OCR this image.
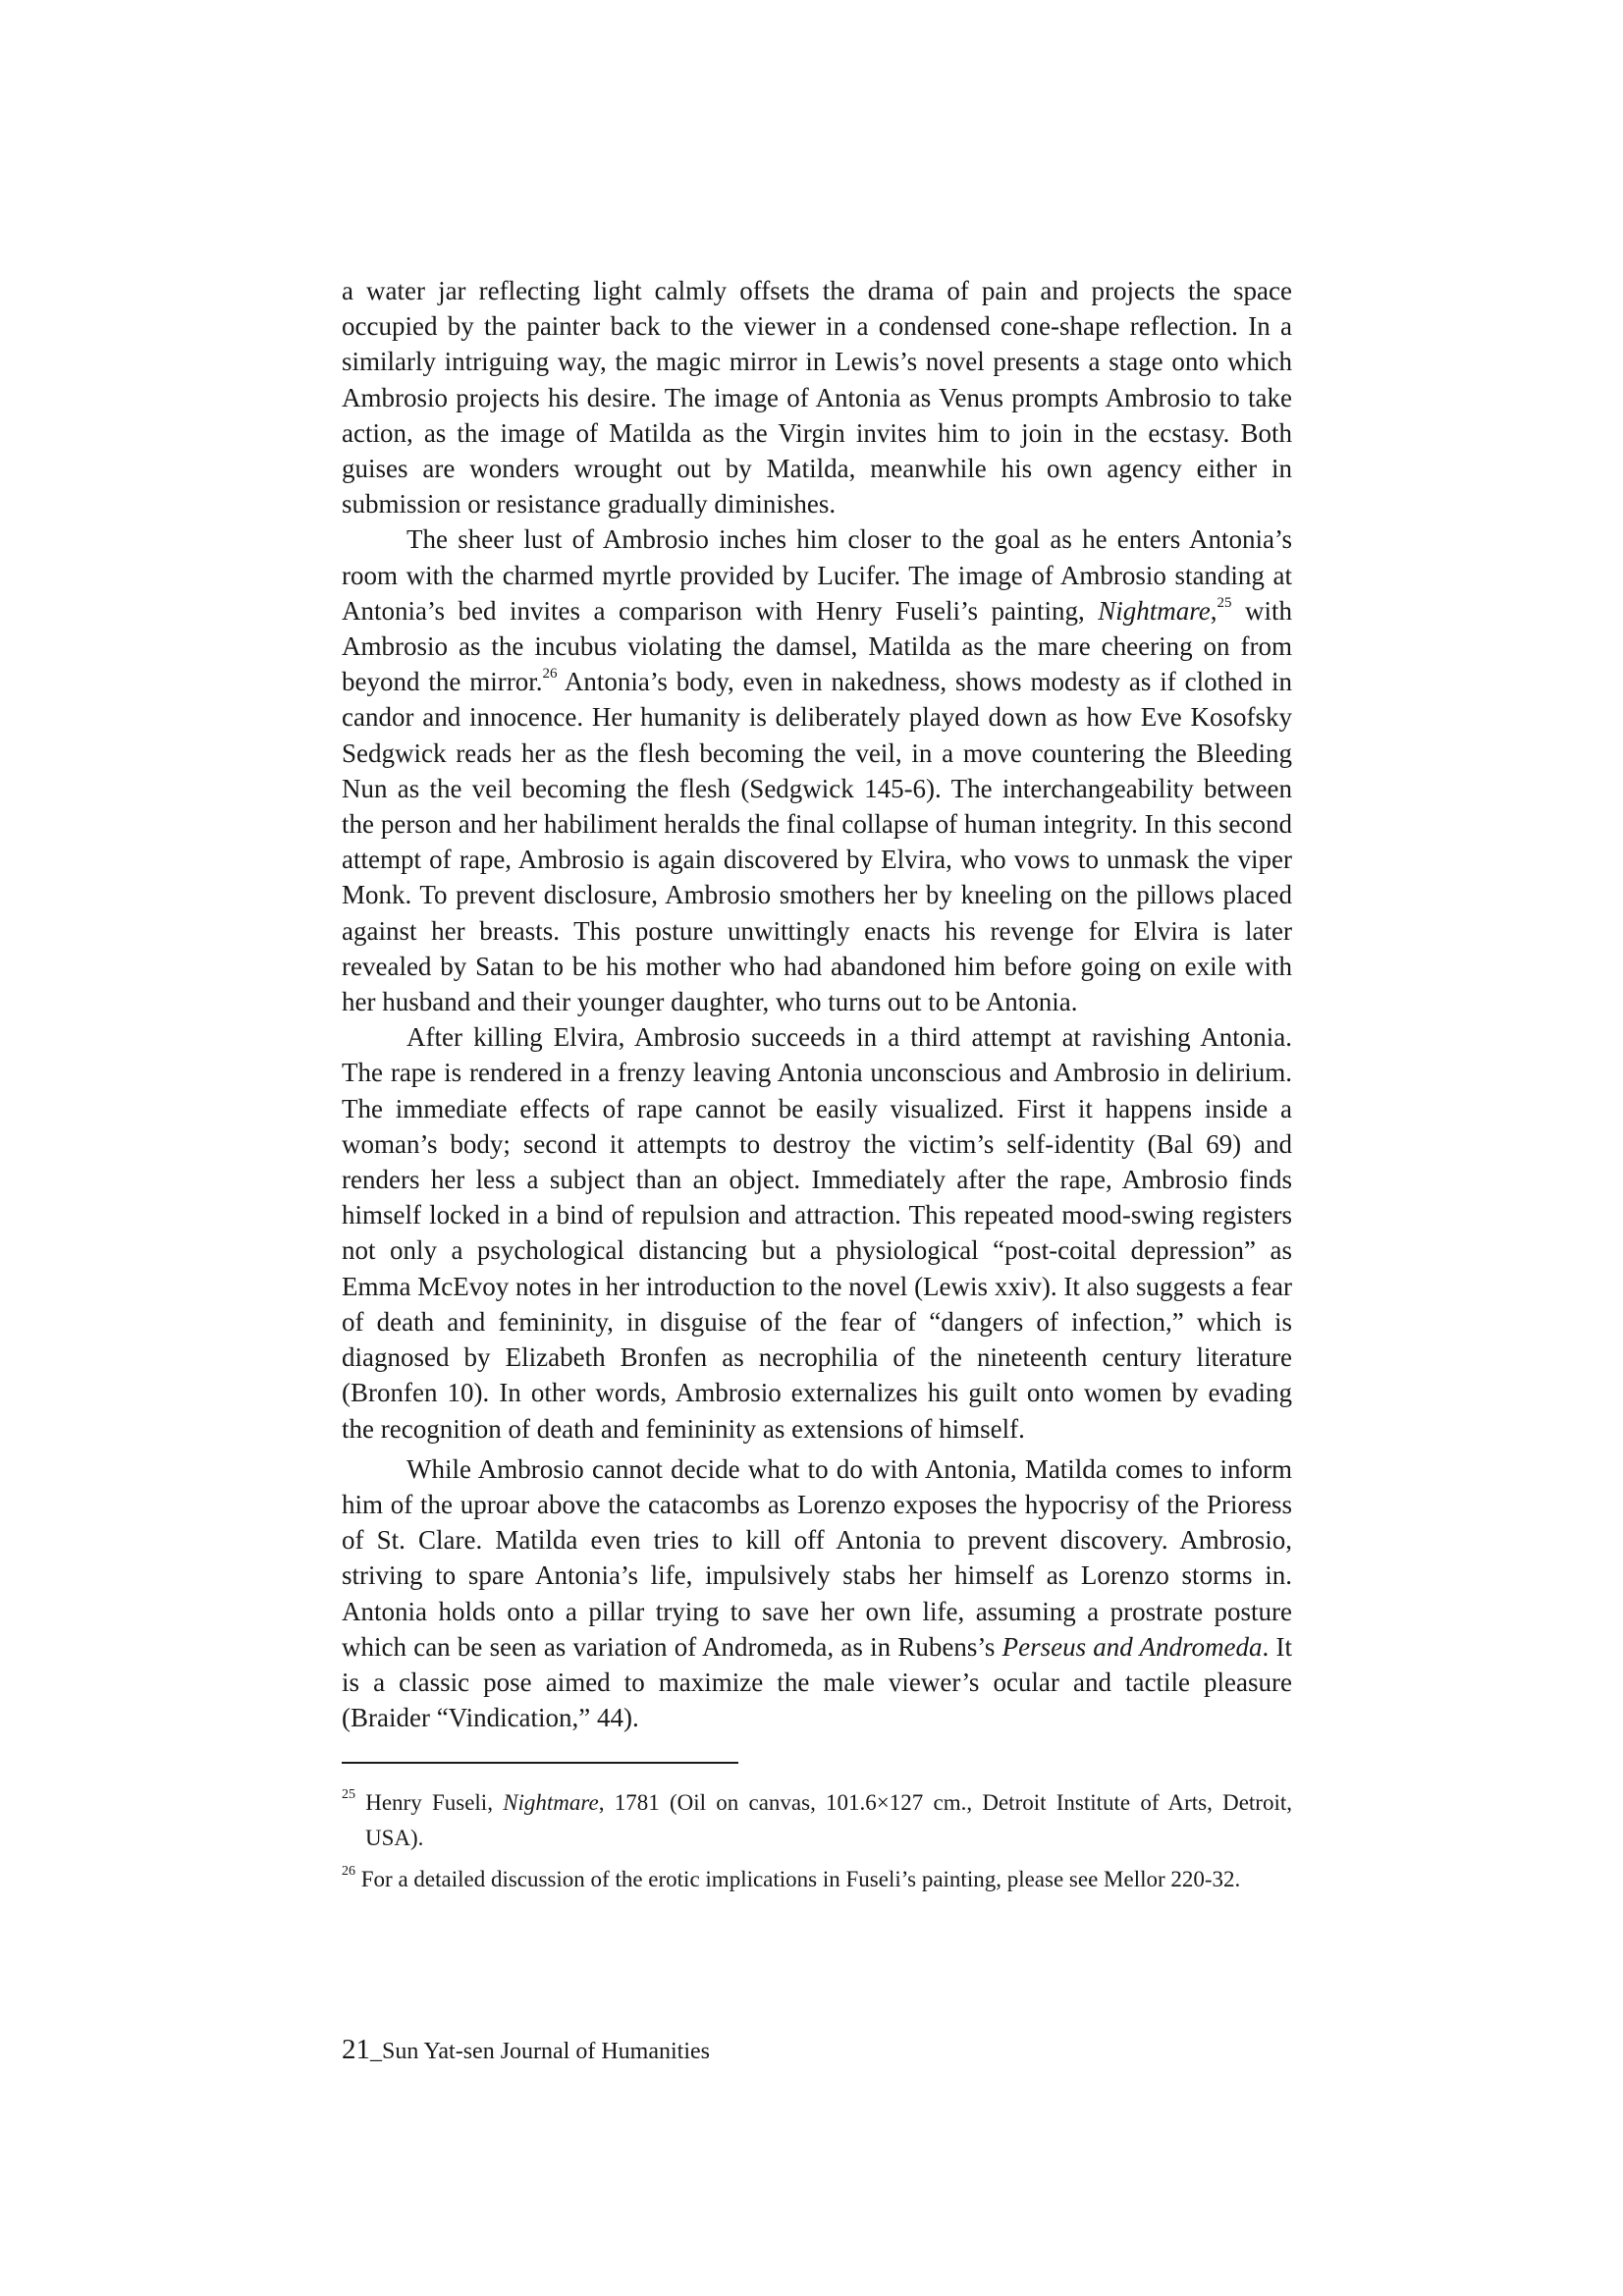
a water jar reflecting light calmly offsets the drama of pain and projects the space occupied by the painter back to the viewer in a condensed cone-shape reflection. In a similarly intriguing way, the magic mirror in Lewis’s novel presents a stage onto which Ambrosio projects his desire. The image of Antonia as Venus prompts Ambrosio to take action, as the image of Matilda as the Virgin invites him to join in the ecstasy. Both guises are wonders wrought out by Matilda, meanwhile his own agency either in submission or resistance gradually diminishes.

The sheer lust of Ambrosio inches him closer to the goal as he enters Antonia’s room with the charmed myrtle provided by Lucifer. The image of Ambrosio standing at Antonia’s bed invites a comparison with Henry Fuseli’s painting, Nightmare,$^{25}$ with Ambrosio as the incubus violating the damsel, Matilda as the mare cheering on from beyond the mirror.$^{26}$ Antonia’s body, even in nakedness, shows modesty as if clothed in candor and innocence. Her humanity is deliberately played down as how Eve Kosofsky Sedgwick reads her as the flesh becoming the veil, in a move countering the Bleeding Nun as the veil becoming the flesh (Sedgwick 145-6). The interchangeability between the person and her habiliment heralds the final collapse of human integrity. In this second attempt of rape, Ambrosio is again discovered by Elvira, who vows to unmask the viper Monk. To prevent disclosure, Ambrosio smothers her by kneeling on the pillows placed against her breasts. This posture unwittingly enacts his revenge for Elvira is later revealed by Satan to be his mother who had abandoned him before going on exile with her husband and their younger daughter, who turns out to be Antonia.

After killing Elvira, Ambrosio succeeds in a third attempt at ravishing Antonia. The rape is rendered in a frenzy leaving Antonia unconscious and Ambrosio in delirium. The immediate effects of rape cannot be easily visualized. First it happens inside a woman’s body; second it attempts to destroy the victim’s self-identity (Bal 69) and renders her less a subject than an object. Immediately after the rape, Ambrosio finds himself locked in a bind of repulsion and attraction. This repeated mood-swing registers not only a psychological distancing but a physiological “post-coital depression” as Emma McEvoy notes in her introduction to the novel (Lewis xxiv). It also suggests a fear of death and femininity, in disguise of the fear of “dangers of infection,” which is diagnosed by Elizabeth Bronfen as necrophilia of the nineteenth century literature (Bronfen 10). In other words, Ambrosio externalizes his guilt onto women by evading the recognition of death and femininity as extensions of himself.

While Ambrosio cannot decide what to do with Antonia, Matilda comes to inform him of the uproar above the catacombs as Lorenzo exposes the hypocrisy of the Prioress of St. Clare. Matilda even tries to kill off Antonia to prevent discovery. Ambrosio, striving to spare Antonia’s life, impulsively stabs her himself as Lorenzo storms in. Antonia holds onto a pillar trying to save her own life, assuming a prostrate posture which can be seen as variation of Andromeda, as in Rubens’s Perseus and Andromeda. It is a classic pose aimed to maximize the male viewer’s ocular and tactile pleasure (Braider “Vindication,” 44).

$^{25}$ Henry Fuseli, Nightmare, 1781 (Oil on canvas, 101.6×127 cm., Detroit Institute of Arts, Detroit, USA).

$^{26}$ For a detailed discussion of the erotic implications in Fuseli’s painting, please see Mellor 220-32.

21_Sun Yat-sen Journal of Humanities
